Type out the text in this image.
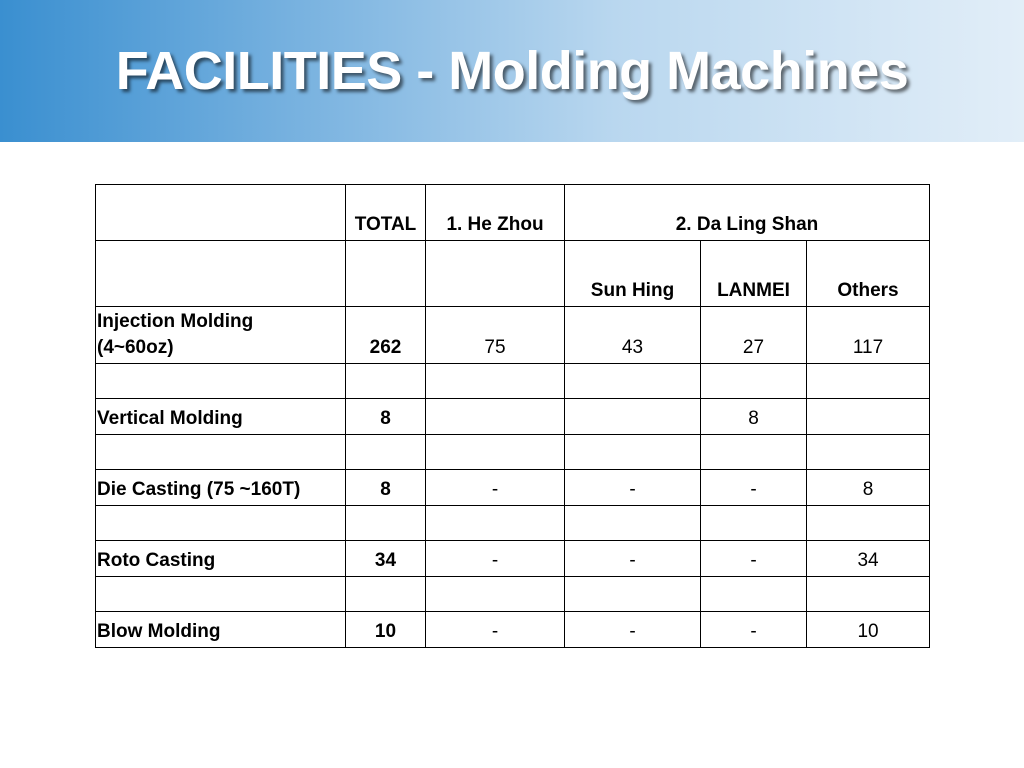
FACILITIES - Molding Machines
	TOTAL	1. He Zhou	2. Da Ling Shan		
			Sun Hing	LANMEI	Others

Injection Molding
(4~60oz)	262	75	43	27	117

Vertical Molding	8			8	

Die Casting (75 ~160T)	8	-	-	-	8

Roto Casting	34	-	-	-	34

Blow Molding	10	-	-	-	10
